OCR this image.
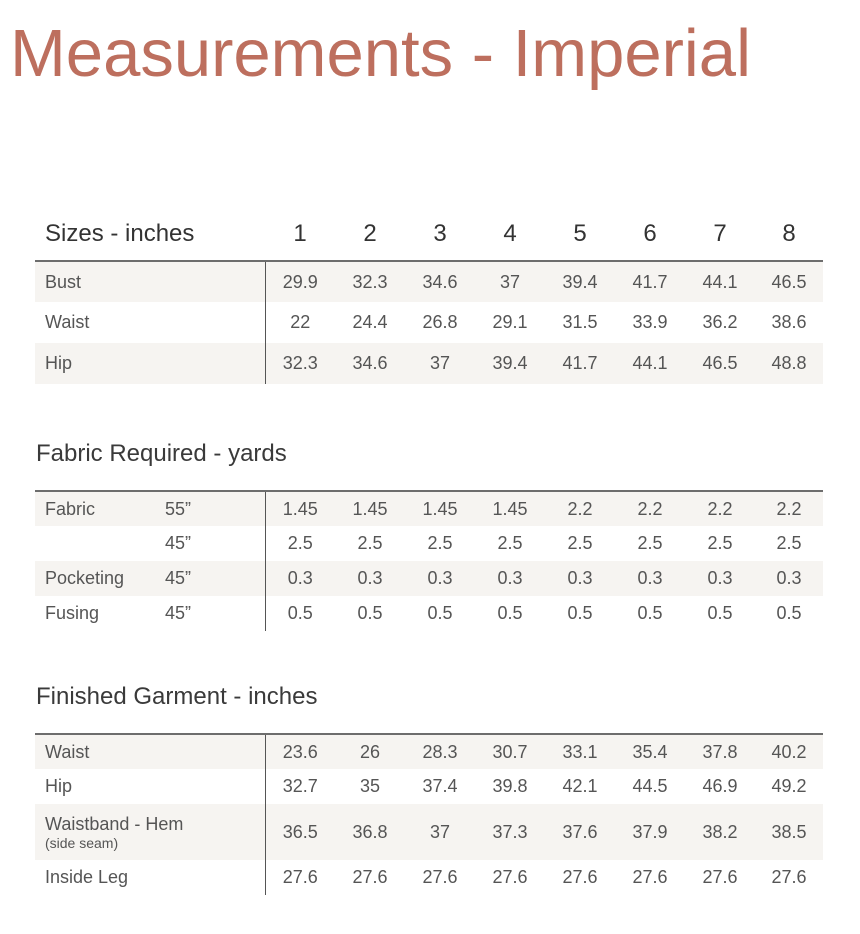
Measurements - Imperial
Sizes - inches	1	2	3	4	5	6	7	8
Bust	29.9	32.3	34.6	37	39.4	41.7	44.1	46.5
Waist	22	24.4	26.8	29.1	31.5	33.9	36.2	38.6
Hip	32.3	34.6	37	39.4	41.7	44.1	46.5	48.8
Fabric Required - yards
Fabric	55”	1.45	1.45	1.45	1.45	2.2	2.2	2.2	2.2
	45”	2.5	2.5	2.5	2.5	2.5	2.5	2.5	2.5
Pocketing	45”	0.3	0.3	0.3	0.3	0.3	0.3	0.3	0.3
Fusing	45”	0.5	0.5	0.5	0.5	0.5	0.5	0.5	0.5
Finished Garment - inches
Waist	23.6	26	28.3	30.7	33.1	35.4	37.8	40.2

Hip	32.7	35	37.4	39.8	42.1	44.5	46.9	49.2

Waistband - Hem
(side seam)	36.5	36.8	37	37.3	37.6	37.9	38.2	38.5

Inside Leg	27.6	27.6	27.6	27.6	27.6	27.6	27.6	27.6
